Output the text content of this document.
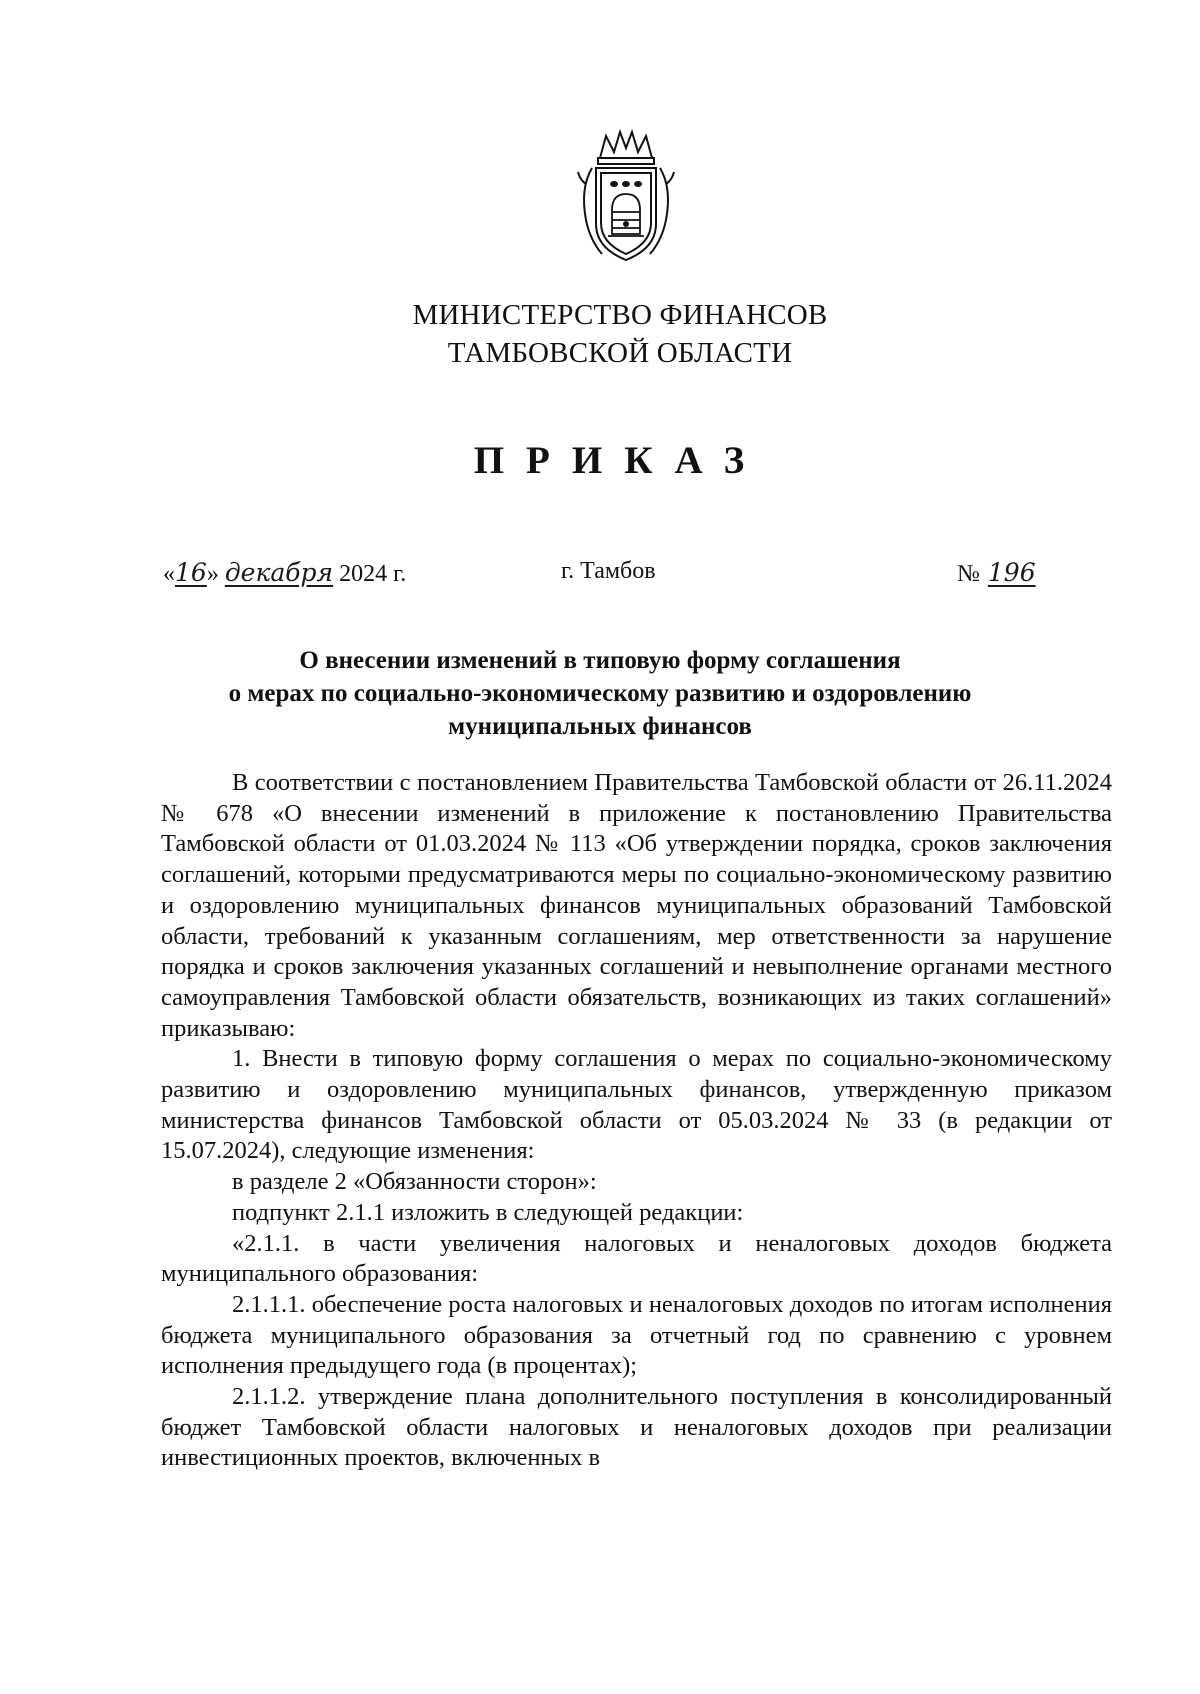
МИНИСТЕРСТВО ФИНАНСОВ
ТАМБОВСКОЙ ОБЛАСТИ
ПРИКАЗ
«16» декабря 2024 г.	г. Тамбов	№ 196
О внесении изменений в типовую форму соглашения
о мерах по социально-экономическому развитию и оздоровлению
муниципальных финансов

В соответствии с постановлением Правительства Тамбовской области от 26.11.2024 № 678 «О внесении изменений в приложение к постановлению Правительства Тамбовской области от 01.03.2024 № 113 «Об утверждении порядка, сроков заключения соглашений, которыми предусматриваются меры по социально-экономическому развитию и оздоровлению муниципальных финансов муниципальных образований Тамбовской области, требований к указанным соглашениям, мер ответственности за нарушение порядка и сроков заключения указанных соглашений и невыполнение органами местного самоуправления Тамбовской области обязательств, возникающих из таких соглашений» приказываю:

1. Внести в типовую форму соглашения о мерах по социально-экономическому развитию и оздоровлению муниципальных финансов, утвержденную приказом министерства финансов Тамбовской области от 05.03.2024 № 33 (в редакции от 15.07.2024), следующие изменения:

в разделе 2 «Обязанности сторон»:

подпункт 2.1.1 изложить в следующей редакции:

«2.1.1. в части увеличения налоговых и неналоговых доходов бюджета муниципального образования:

2.1.1.1. обеспечение роста налоговых и неналоговых доходов по итогам исполнения бюджета муниципального образования за отчетный год по сравнению с уровнем исполнения предыдущего года (в процентах);

2.1.1.2. утверждение плана дополнительного поступления в консолидированный бюджет Тамбовской области налоговых и неналоговых доходов при реализации инвестиционных проектов, включенных в
